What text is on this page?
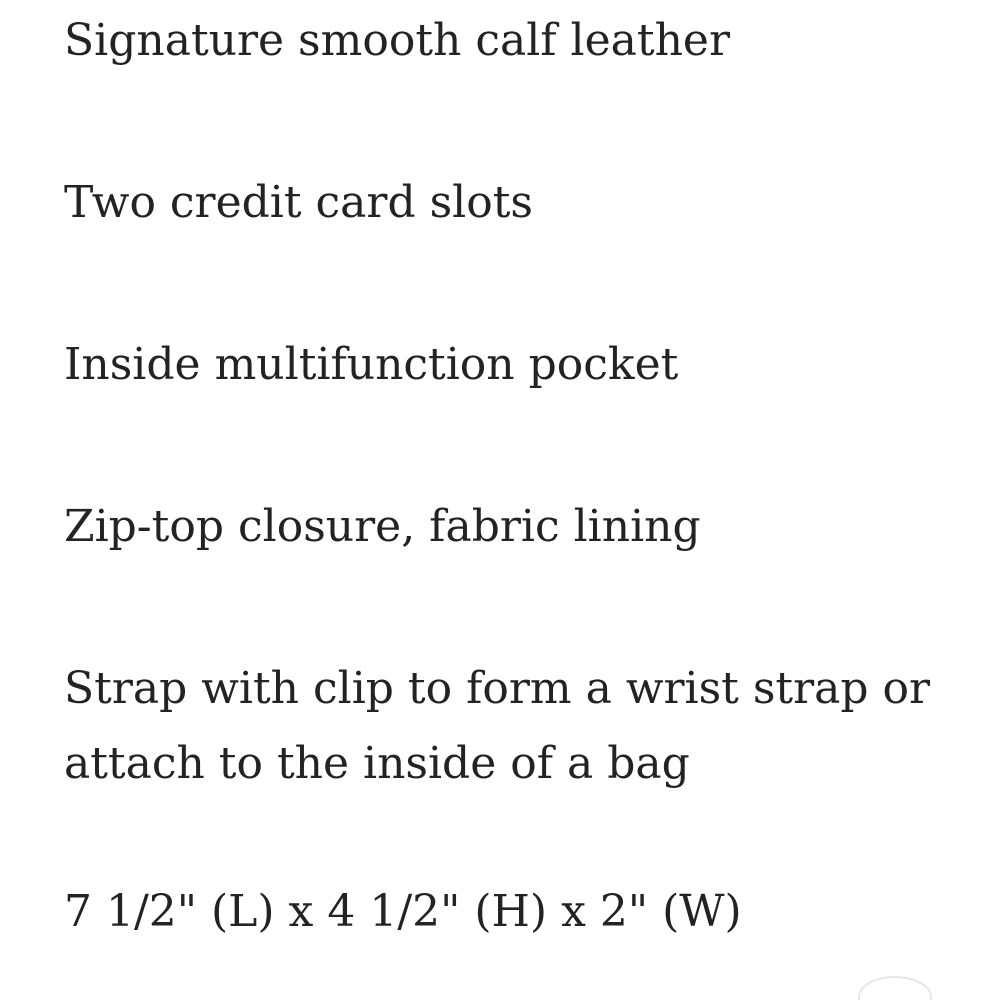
Signature smooth calf leather

Two credit card slots

Inside multifunction pocket

Zip-top closure, fabric lining

Strap with clip to form a wrist strap or
attach to the inside of a bag

7 1/2" (L) x 4 1/2" (H) x 2" (W)
